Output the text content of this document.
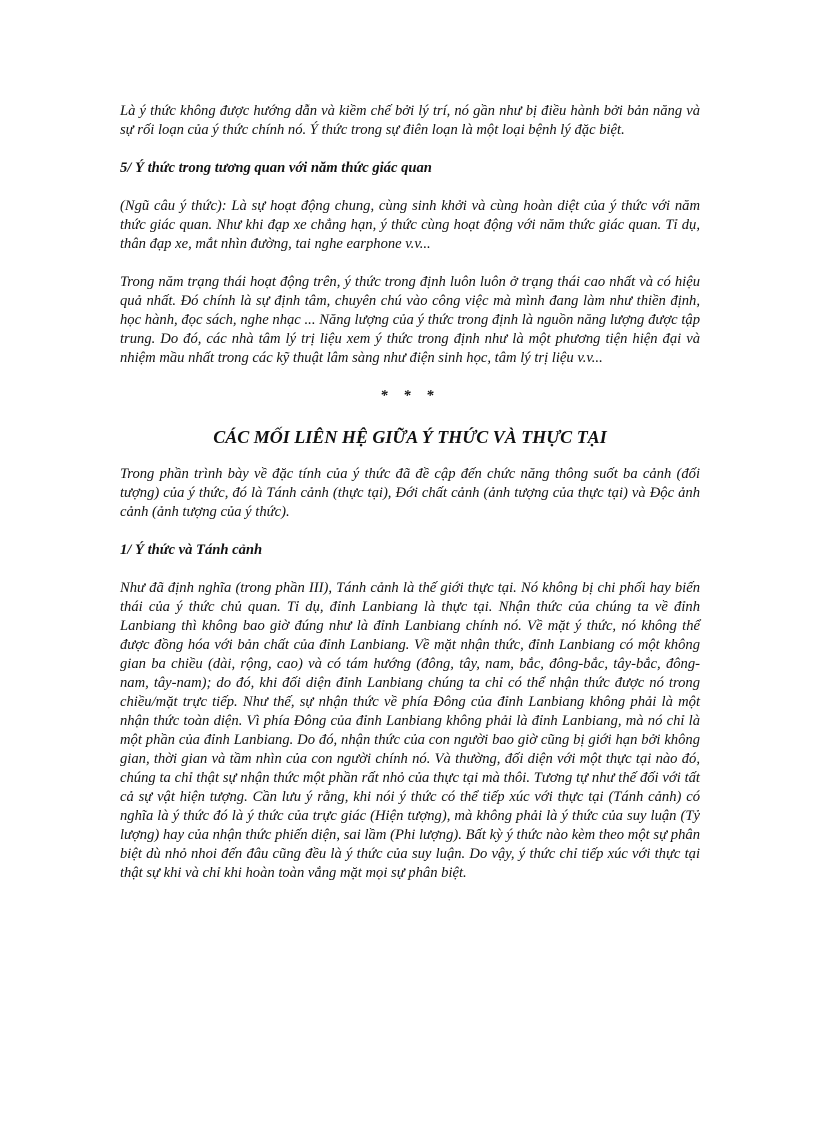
Là ý thức không được hướng dẫn và kiềm chế bởi lý trí, nó gần như bị điều hành bởi bản năng và sự rối loạn của ý thức chính nó. Ý thức trong sự điên loạn là một loại bệnh lý đặc biệt.

5/ Ý thức trong tương quan với năm thức giác quan

(Ngũ câu ý thức): Là sự hoạt động chung, cùng sinh khởi và cùng hoàn diệt của ý thức với năm thức giác quan. Như khi đạp xe chẳng hạn, ý thức cùng hoạt động với năm thức giác quan. Tỉ dụ, thân đạp xe, mắt nhìn đường, tai nghe earphone v.v...

Trong năm trạng thái hoạt động trên, ý thức trong định luôn luôn ở trạng thái cao nhất và có hiệu quả nhất. Đó chính là sự định tâm, chuyên chú vào công việc mà mình đang làm như thiền định, học hành, đọc sách, nghe nhạc ... Năng lượng của ý thức trong định là nguồn năng lượng được tập trung. Do đó, các nhà tâm lý trị liệu xem ý thức trong định như là một phương tiện hiện đại và nhiệm mầu nhất trong các kỹ thuật lâm sàng như điện sinh học, tâm lý trị liệu v.v...

* * *

CÁC MỐI LIÊN HỆ GIỮA Ý THỨC VÀ THỰC TẠI

Trong phần trình bày về đặc tính của ý thức đã đề cập đến chức năng thông suốt ba cảnh (đối tượng) của ý thức, đó là Tánh cảnh (thực tại), Đới chất cảnh (ảnh tượng của thực tại) và Độc ảnh cảnh (ảnh tượng của ý thức).

1/ Ý thức và Tánh cảnh

Như đã định nghĩa (trong phần III), Tánh cảnh là thế giới thực tại. Nó không bị chi phối hay biến thái của ý thức chủ quan. Tỉ dụ, đỉnh Lanbiang là thực tại. Nhận thức của chúng ta về đỉnh Lanbiang thì không bao giờ đúng như là đỉnh Lanbiang chính nó. Về mặt ý thức, nó không thể được đồng hóa với bản chất của đỉnh Lanbiang. Về mặt nhận thức, đỉnh Lanbiang có một không gian ba chiều (dài, rộng, cao) và có tám hướng (đông, tây, nam, bắc, đông-bắc, tây-bắc, đông-nam, tây-nam); do đó, khi đối diện đỉnh Lanbiang chúng ta chỉ có thể nhận thức được nó trong chiều/mặt trực tiếp. Như thế, sự nhận thức về phía Đông của đỉnh Lanbiang không phải là một nhận thức toàn diện. Vì phía Đông của đỉnh Lanbiang không phải là đỉnh Lanbiang, mà nó chỉ là một phần của đỉnh Lanbiang. Do đó, nhận thức của con người bao giờ cũng bị giới hạn bởi không gian, thời gian và tầm nhìn của con người chính nó. Và thường, đối diện với một thực tại nào đó, chúng ta chỉ thật sự nhận thức một phần rất nhỏ của thực tại mà thôi. Tương tự như thế đối với tất cả sự vật hiện tượng. Cần lưu ý rằng, khi nói ý thức có thể tiếp xúc với thực tại (Tánh cảnh) có nghĩa là ý thức đó là ý thức của trực giác (Hiện tượng), mà không phải là ý thức của suy luận (Tỷ lượng) hay của nhận thức phiến diện, sai lầm (Phi lượng). Bất kỳ ý thức nào kèm theo một sự phân biệt dù nhỏ nhoi đến đâu cũng đều là ý thức của suy luận. Do vậy, ý thức chỉ tiếp xúc với thực tại thật sự khi và chỉ khi hoàn toàn vắng mặt mọi sự phân biệt.
